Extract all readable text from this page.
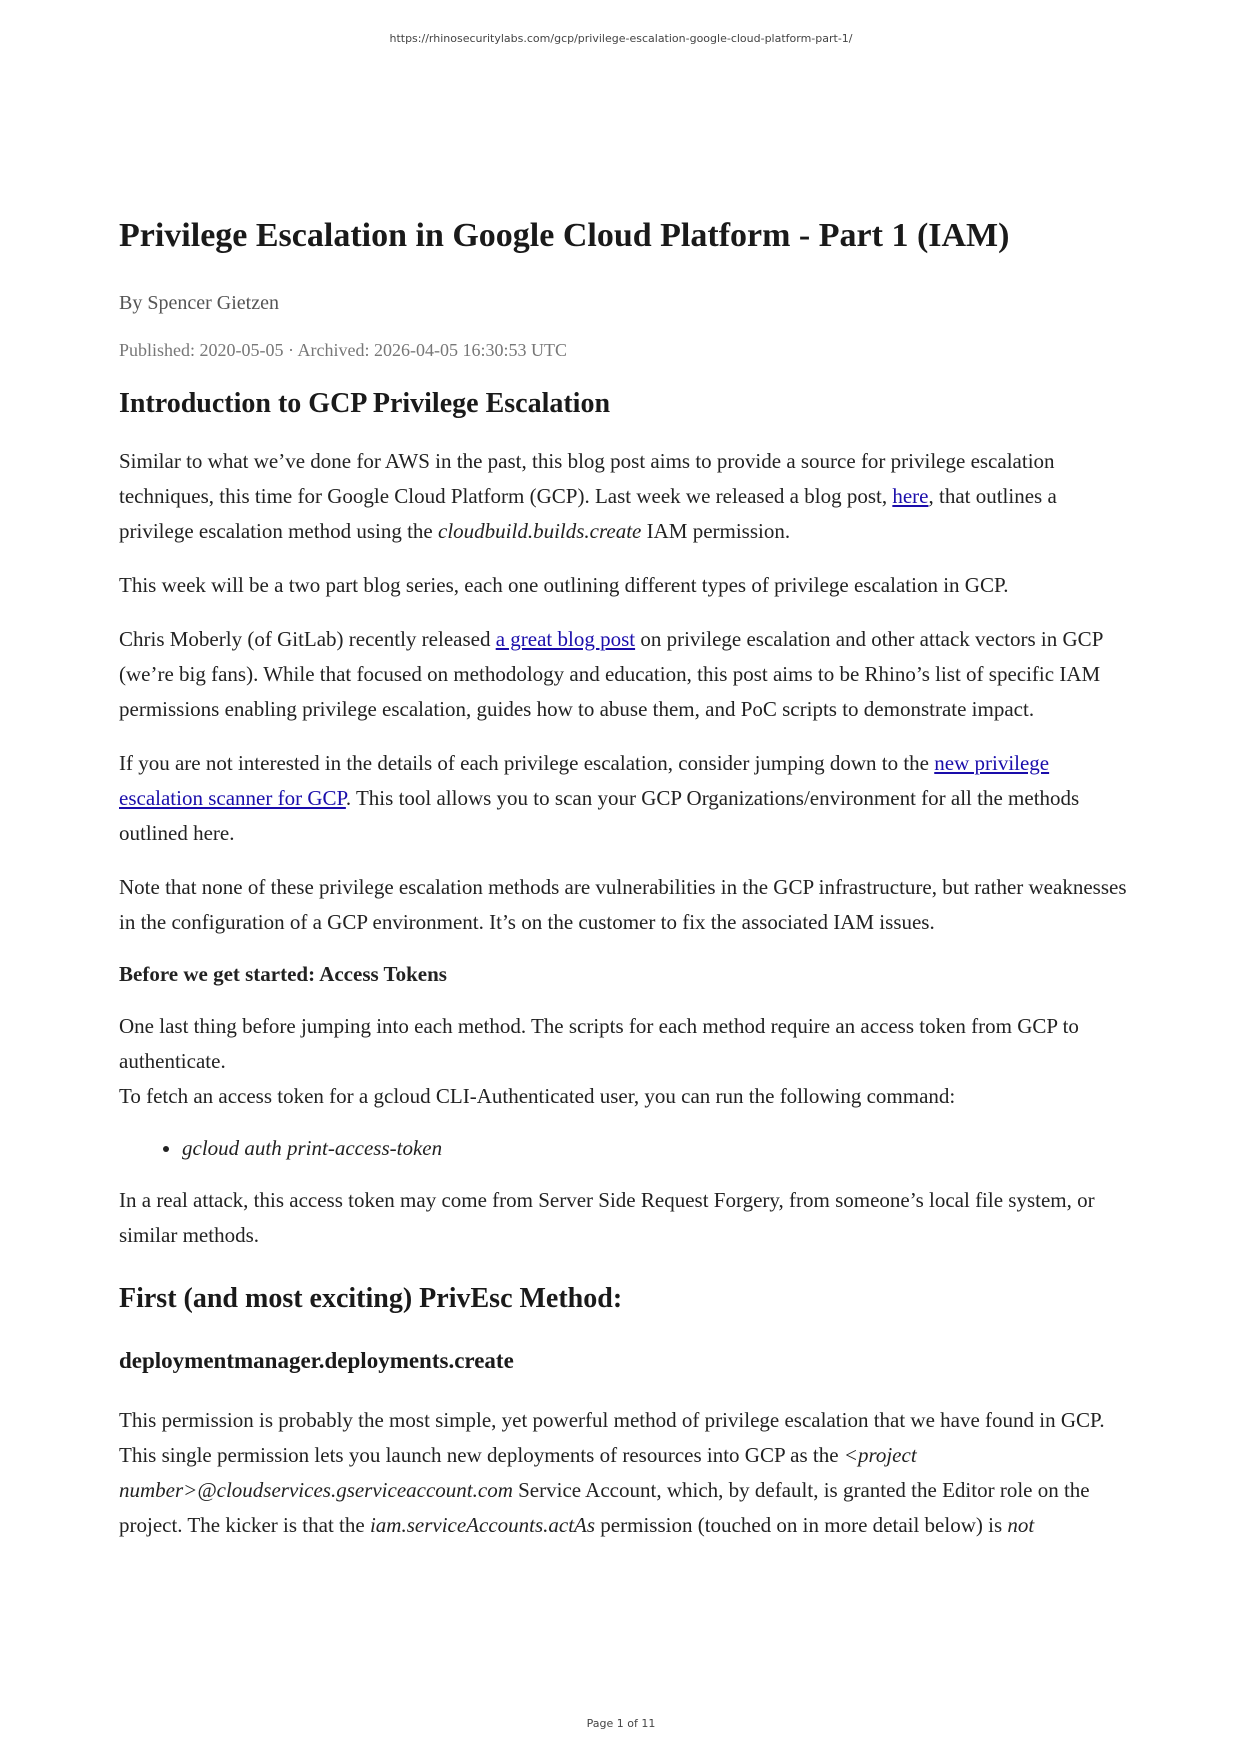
https://rhinosecuritylabs.com/gcp/privilege-escalation-google-cloud-platform-part-1/
Privilege Escalation in Google Cloud Platform - Part 1 (IAM)
By Spencer Gietzen
Published: 2020-05-05 · Archived: 2026-04-05 16:30:53 UTC
Introduction to GCP Privilege Escalation

Similar to what we’ve done for AWS in the past, this blog post aims to provide a source for privilege escalation techniques, this time for Google Cloud Platform (GCP). Last week we released a blog post, here, that outlines a privilege escalation method using the cloudbuild.builds.create IAM permission.

This week will be a two part blog series, each one outlining different types of privilege escalation in GCP.

Chris Moberly (of GitLab) recently released a great blog post on privilege escalation and other attack vectors in GCP (we’re big fans). While that focused on methodology and education, this post aims to be Rhino’s list of specific IAM permissions enabling privilege escalation, guides how to abuse them, and PoC scripts to demonstrate impact.

If you are not interested in the details of each privilege escalation, consider jumping down to the new privilege escalation scanner for GCP. This tool allows you to scan your GCP Organizations/environment for all the methods outlined here.

Note that none of these privilege escalation methods are vulnerabilities in the GCP infrastructure, but rather weaknesses in the configuration of a GCP environment. It’s on the customer to fix the associated IAM issues.

Before we get started: Access Tokens

One last thing before jumping into each method. The scripts for each method require an access token from GCP to authenticate.

To fetch an access token for a gcloud CLI-Authenticated user, you can run the following command:

• gcloud auth print-access-token

In a real attack, this access token may come from Server Side Request Forgery, from someone’s local file system, or similar methods.

First (and most exciting) PrivEsc Method:
deploymentmanager.deployments.create

This permission is probably the most simple, yet powerful method of privilege escalation that we have found in GCP. This single permission lets you launch new deployments of resources into GCP as the <project number>@cloudservices.gserviceaccount.com Service Account, which, by default, is granted the Editor role on the project. The kicker is that the iam.serviceAccounts.actAs permission (touched on in more detail below) is not

Page 1 of 11
